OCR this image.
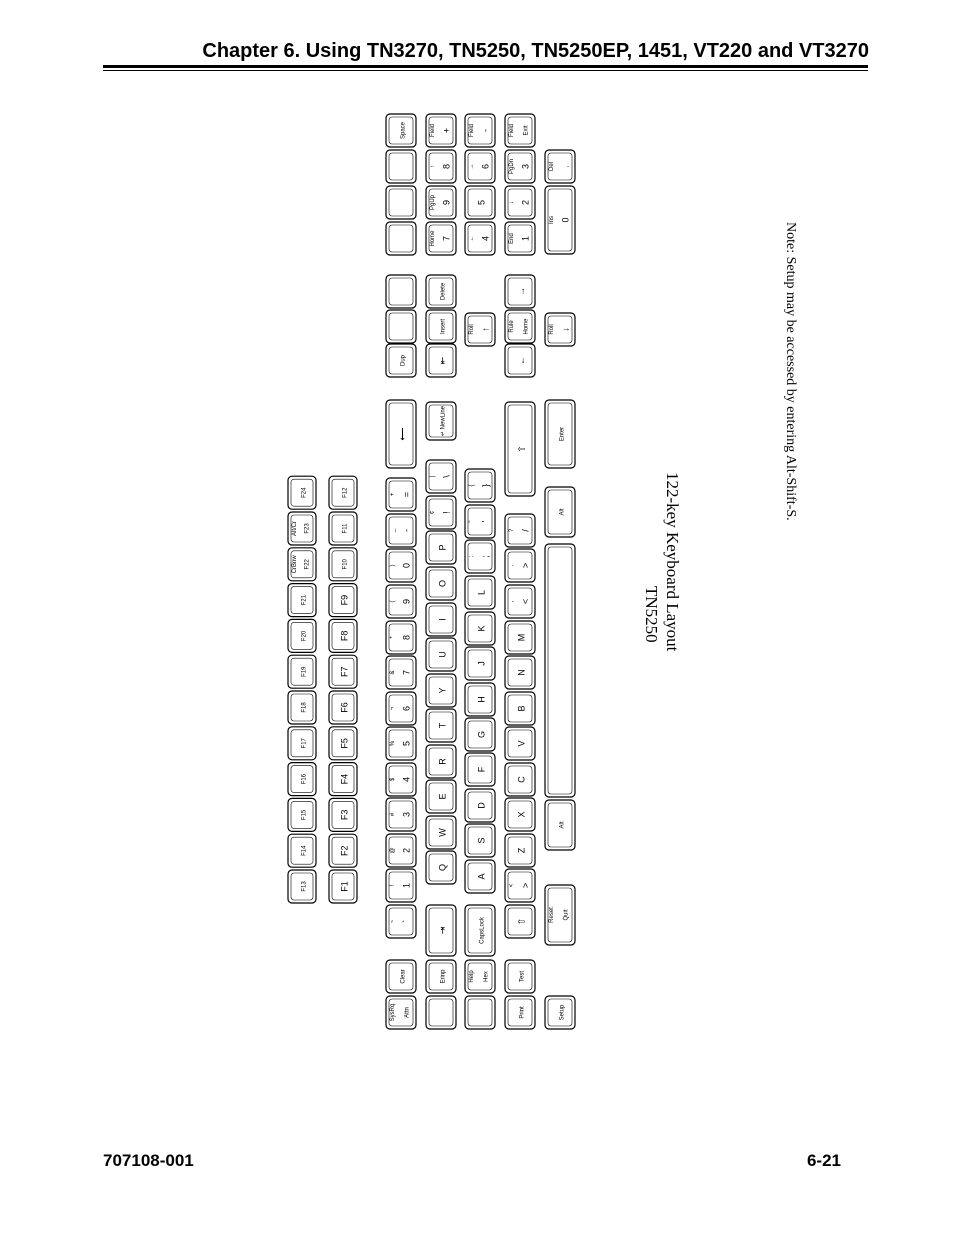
Chapter 6. Using TN3270, TN5250, TN5250EP, 1451, VT220 and VT3270
F13
F14
F15
F16
F17
F18
F19
F20
F21
CrBnw F22
Alt/Cr F23
F24
F1
F2
F3
F4
F5
F6
F7
F8
F9
F10
F11
F12
SysRq Attn
Clear
~ `
! 1
@ 2
# 3
$ 4
% 5
¬ 6
& 7
* 8
( 9
) 0
_ -
+ =
⟵
Dup
Space
Erinp
⇥
Q
W
E
R
T
Y
U
I
O
P
¢ !
| \
↵ NewLine
⇤
Insert
Delete
Home 7
PgUp 9
↑ 8
Field +
Help Hex
CapsLock
A
S
D
F
G
H
J
K
L
: ;
" '
{ }
Roll ↑
← 4
5
→ 6
Field -
Print
Test
⇧
< >
Z
X
C
V
B
N
M
, <
. >
? /
⇧
←
Rule Home
→
End 1
↓ 2
PgDn 3
Field Exit
Setup
Reset Quit
Alt
Alt
Enter
Roll ↓
Ins 0
Del .
TN5250 122-key Keyboard Layout
Note: Setup may be accessed by entering Alt-Shift-S.
707108-001	6-21
